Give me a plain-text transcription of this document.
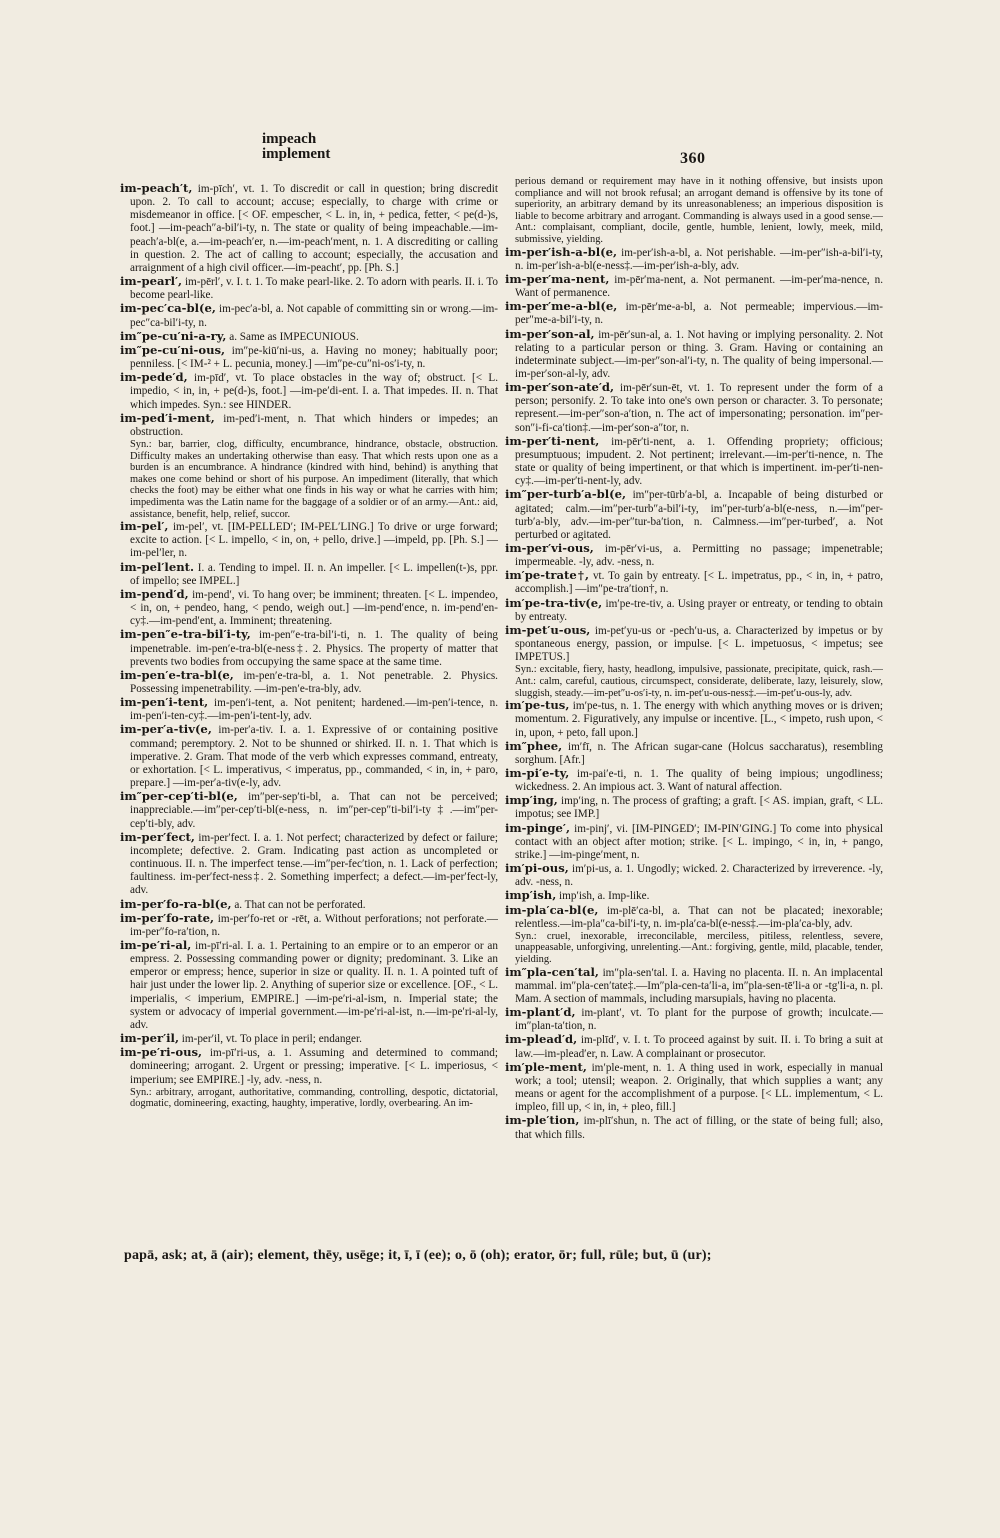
impeach
implement	360

im-peach′t, im-pīch′, vt. 1. To discredit or call in question; bring discredit upon. 2. To call to account; accuse; especially, to charge with crime or misdemeanor in office. [< OF. empescher, < L. in, in, + pedica, fetter, < pe(d-)s, foot.] —im-peach″a-bil′i-ty, n. The state or quality of being impeachable.—im-peach′a-bl(e, a.—im-peach′er, n.—im-peach′ment, n. 1. A discrediting or calling in question. 2. The act of calling to account; especially, the accusation and arraignment of a high civil officer.—im-peacht′, pp. [Ph. S.]

im-pearl′, im-pērl′, v. I. t. 1. To make pearl-like. 2. To adorn with pearls. II. i. To become pearl-like.

im-pec′ca-bl(e, im-pec′a-bl, a. Not capable of committing sin or wrong.—im-pec″ca-bil′i-ty, n.

im″pe-cu′ni-a-ry, a. Same as IMPECUNIOUS.

im″pe-cu′ni-ous, im″pe-kiū′ni-us, a. Having no money; habitually poor; penniless. [< IM-² + L. pecunia, money.] —im″pe-cu″ni-os′i-ty, n.

im-pede′d, im-pīd′, vt. To place obstacles in the way of; obstruct. [< L. impedio, < in, in, + pe(d-)s, foot.] —im-pe′di-ent. I. a. That impedes. II. n. That which impedes. Syn.: see HINDER.

im-ped′i-ment, im-ped′i-ment, n. That which hinders or impedes; an obstruction.

Syn.: bar, barrier, clog, difficulty, encumbrance, hindrance, obstacle, obstruction. Difficulty makes an undertaking otherwise than easy. That which rests upon one as a burden is an encumbrance. A hindrance (kindred with hind, behind) is anything that makes one come behind or short of his purpose. An impediment (literally, that which checks the foot) may be either what one finds in his way or what he carries with him; impedimenta was the Latin name for the baggage of a soldier or of an army.—Ant.: aid, assistance, benefit, help, relief, succor.

im-pel′, im-pel′, vt. [IM-PELLED′; IM-PEL′LING.] To drive or urge forward; excite to action. [< L. impello, < in, on, + pello, drive.] —impeld, pp. [Ph. S.] —im-pel′ler, n.

im-pel′lent. I. a. Tending to impel. II. n. An impeller. [< L. impellen(t-)s, ppr. of impello; see IMPEL.]

im-pend′d, im-pend′, vi. To hang over; be imminent; threaten. [< L. impendeo, < in, on, + pendeo, hang, < pendo, weigh out.] —im-pend′ence, n. im-pend′en-cy‡.—im-pend′ent, a. Imminent; threatening.

im-pen″e-tra-bil′i-ty, im-pen″e-tra-bil′i-ti, n. 1. The quality of being impenetrable. im-pen′e-tra-bl(e-ness‡. 2. Physics. The property of matter that prevents two bodies from occupying the same space at the same time.

im-pen′e-tra-bl(e, im-pen′e-tra-bl, a. 1. Not penetrable. 2. Physics. Possessing impenetrability. —im-pen′e-tra-bly, adv.

im-pen′i-tent, im-pen′i-tent, a. Not penitent; hardened.—im-pen′i-tence, n. im-pen′i-ten-cy‡.—im-pen′i-tent-ly, adv.

im-per′a-tiv(e, im-per′a-tiv. I. a. 1. Expressive of or containing positive command; peremptory. 2. Not to be shunned or shirked. II. n. 1. That which is imperative. 2. Gram. That mode of the verb which expresses command, entreaty, or exhortation. [< L. imperativus, < imperatus, pp., commanded, < in, in, + paro, prepare.] —im-per′a-tiv(e-ly, adv.

im″per-cep′ti-bl(e, im″per-sep′ti-bl, a. That can not be perceived; inappreciable.—im″per-cep′ti-bl(e-ness, n. im″per-cep″ti-bil′i-ty‡.—im″per-cep′ti-bly, adv.

im-per′fect, im-per′fect. I. a. 1. Not perfect; characterized by defect or failure; incomplete; defective. 2. Gram. Indicating past action as uncompleted or continuous. II. n. The imperfect tense.—im″per-fec′tion, n. 1. Lack of perfection; faultiness. im-per′fect-ness‡. 2. Something imperfect; a defect.—im-per′fect-ly, adv.

im-per′fo-ra-bl(e, a. That can not be perforated.

im-per′fo-rate, im-per′fo-ret or -rēt, a. Without perforations; not perforate.—im-per″fo-ra′tion, n.

im-pe′ri-al, im-pī′ri-al. I. a. 1. Pertaining to an empire or to an emperor or an empress. 2. Possessing commanding power or dignity; predominant. 3. Like an emperor or empress; hence, superior in size or quality. II. n. 1. A pointed tuft of hair just under the lower lip. 2. Anything of superior size or excellence. [OF., < L. imperialis, < imperium, EMPIRE.] —im-pe′ri-al-ism, n. Imperial state; the system or advocacy of imperial government.—im-pe′ri-al-ist, n.—im-pe′ri-al-ly, adv.

im-per′il, im-per′il, vt. To place in peril; endanger.

im-pe′ri-ous, im-pī′ri-us, a. 1. Assuming and determined to command; domineering; arrogant. 2. Urgent or pressing; imperative. [< L. imperiosus, < imperium; see EMPIRE.] -ly, adv. -ness, n.

Syn.: arbitrary, arrogant, authoritative, commanding, controlling, despotic, dictatorial, dogmatic, domineering, exacting, haughty, imperative, lordly, overbearing. An im-

perious demand or requirement may have in it nothing offensive, but insists upon compliance and will not brook refusal; an arrogant demand is offensive by its tone of superiority, an arbitrary demand by its unreasonableness; an imperious disposition is liable to become arbitrary and arrogant. Commanding is always used in a good sense.—Ant.: complaisant, compliant, docile, gentle, humble, lenient, lowly, meek, mild, submissive, yielding.

im-per′ish-a-bl(e, im-per′ish-a-bl, a. Not perishable. —im-per″ish-a-bil′i-ty, n. im-per′ish-a-bl(e-ness‡.—im-per′ish-a-bly, adv.

im-per′ma-nent, im-pēr′ma-nent, a. Not permanent. —im-per′ma-nence, n. Want of permanence.

im-per′me-a-bl(e, im-pēr′me-a-bl, a. Not permeable; impervious.—im-per″me-a-bil′i-ty, n.

im-per′son-al, im-pēr′sun-al, a. 1. Not having or implying personality. 2. Not relating to a particular person or thing. 3. Gram. Having or containing an indeterminate subject.—im-per″son-al′i-ty, n. The quality of being impersonal.—im-per′son-al-ly, adv.

im-per′son-ate′d, im-pēr′sun-ēt, vt. 1. To represent under the form of a person; personify. 2. To take into one's own person or character. 3. To personate; represent.—im-per″son-a′tion, n. The act of impersonating; personation. im″per-son″i-fi-ca′tion‡.—im-per′son-a″tor, n.

im-per′ti-nent, im-pēr′ti-nent, a. 1. Offending propriety; officious; presumptuous; impudent. 2. Not pertinent; irrelevant.—im-per′ti-nence, n. The state or quality of being impertinent, or that which is impertinent. im-per′ti-nen-cy‡.—im-per′ti-nent-ly, adv.

im″per-turb′a-bl(e, im″per-tūrb′a-bl, a. Incapable of being disturbed or agitated; calm.—im″per-turb″a-bil′i-ty, im″per-turb′a-bl(e-ness, n.—im″per-turb′a-bly, adv.—im-per″tur-ba′tion, n. Calmness.—im″per-turbed′, a. Not perturbed or agitated.

im-per′vi-ous, im-pēr′vi-us, a. Permitting no passage; impenetrable; impermeable. -ly, adv. -ness, n.

im′pe-trate†, vt. To gain by entreaty. [< L. impetratus, pp., < in, in, + patro, accomplish.] —im″pe-tra′tion†, n.

im′pe-tra-tiv(e, im′pe-tre-tiv, a. Using prayer or entreaty, or tending to obtain by entreaty.

im-pet′u-ous, im-pet′yu-us or -pech′u-us, a. Characterized by impetus or by spontaneous energy, passion, or impulse. [< L. impetuosus, < impetus; see IMPETUS.]

Syn.: excitable, fiery, hasty, headlong, impulsive, passionate, precipitate, quick, rash.—Ant.: calm, careful, cautious, circumspect, considerate, deliberate, lazy, leisurely, slow, sluggish, steady.—im-pet″u-os′i-ty, n. im-pet′u-ous-ness‡.—im-pet′u-ous-ly, adv.

im′pe-tus, im′pe-tus, n. 1. The energy with which anything moves or is driven; momentum. 2. Figuratively, any impulse or incentive. [L., < impeto, rush upon, < in, upon, + peto, fall upon.]

im″phee, im′fī, n. The African sugar-cane (Holcus saccharatus), resembling sorghum. [Afr.]

im-pi′e-ty, im-pai′e-ti, n. 1. The quality of being impious; ungodliness; wickedness. 2. An impious act. 3. Want of natural affection.

imp′ing, imp′ing, n. The process of grafting; a graft. [< AS. impian, graft, < LL. impotus; see IMP.]

im-pinge′, im-pinj′, vi. [IM-PINGED′; IM-PIN′GING.] To come into physical contact with an object after motion; strike. [< L. impingo, < in, in, + pango, strike.] —im-pinge′ment, n.

im′pi-ous, im′pi-us, a. 1. Ungodly; wicked. 2. Characterized by irreverence. -ly, adv. -ness, n.

imp′ish, imp′ish, a. Imp-like.

im-pla′ca-bl(e, im-plē′ca-bl, a. That can not be placated; inexorable; relentless.—im-pla″ca-bil′i-ty, n. im-pla′ca-bl(e-ness‡.—im-pla′ca-bly, adv.

Syn.: cruel, inexorable, irreconcilable, merciless, pitiless, relentless, severe, unappeasable, unforgiving, unrelenting.—Ant.: forgiving, gentle, mild, placable, tender, yielding.

im″pla-cen′tal, im″pla-sen′tal. I. a. Having no placenta. II. n. An implacental mammal. im″pla-cen′tate‡.—Im″pla-cen-ta′li-a, im″pla-sen-tē′li-a or -tg′li-a, n. pl. Mam. A section of mammals, including marsupials, having no placenta.

im-plant′d, im-plant′, vt. To plant for the purpose of growth; inculcate.—im″plan-ta′tion, n.

im-plead′d, im-plīd′, v. I. t. To proceed against by suit. II. i. To bring a suit at law.—im-plead′er, n. Law. A complainant or prosecutor.

im′ple-ment, im′ple-ment, n. 1. A thing used in work, especially in manual work; a tool; utensil; weapon. 2. Originally, that which supplies a want; any means or agent for the accomplishment of a purpose. [< LL. implementum, < L. impleo, fill up, < in, in, + pleo, fill.]

im-ple′tion, im-plī′shun, n. The act of filling, or the state of being full; also, that which fills.

papā, ask; at, ā (air); element, thēy, usēge; it, ī, ī (ee); o, ō (oh); erator, ōr; full, rūle; but, ū (ur);
